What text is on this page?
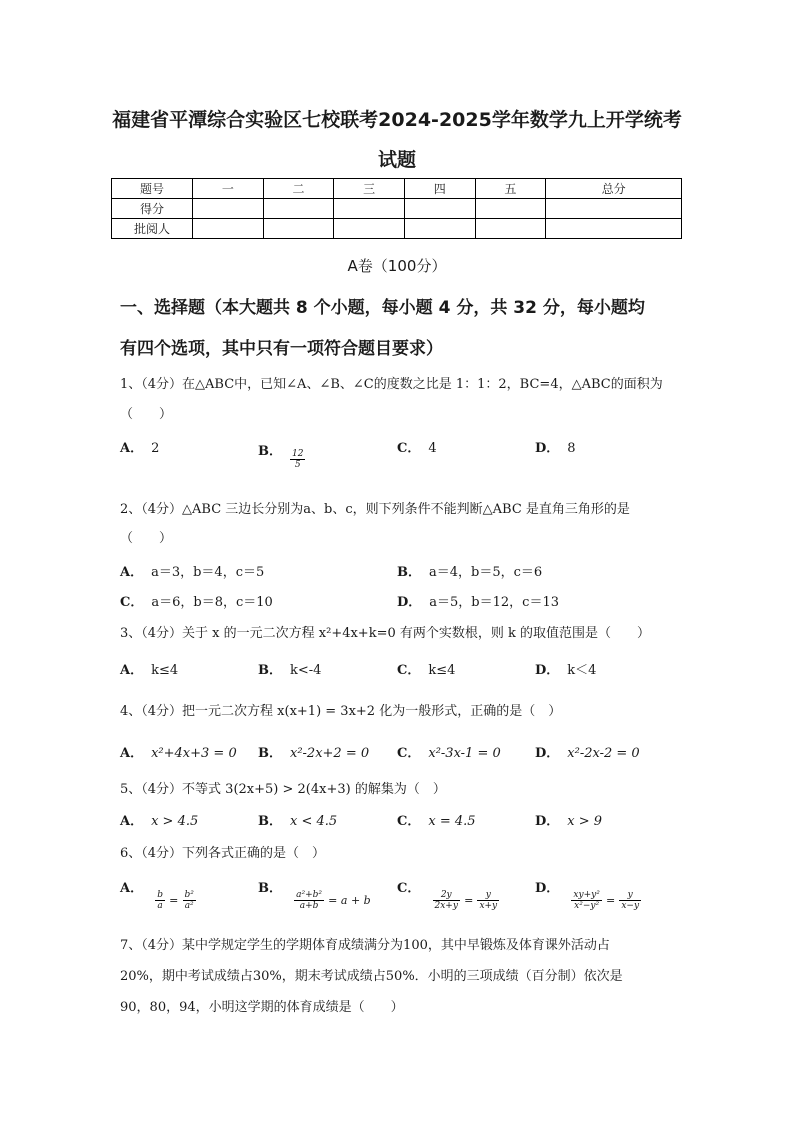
福建省平潭综合实验区七校联考2024-2025学年数学九上开学统考
试题
题号	一	二	三	四	五	总分
得分						
批阅人						
A卷（100分）
一、选择题（本大题共 8 个小题，每小题 4 分，共 32 分，每小题均
有四个选项，其中只有一项符合题目要求）
1、（4分）在△ABC中，已知∠A、∠B、∠C的度数之比是 1：1：2，BC=4，△ABC的面积为
（　　）
A． 2	B． $\frac{12}{5}$
C． 4	D． 8
2、（4分）△ABC 三边长分别为a、b、c，则下列条件不能判断△ABC 是直角三角形的是
（　　）
A． a＝3，b＝4，c＝5	B． a＝4，b＝5，c＝6
C． a＝6，b＝8，c＝10	D． a＝5，b＝12，c＝13
3、（4分）关于 x 的一元二次方程 x²+4x+k=0 有两个实数根，则 k 的取值范围是（　　）
A． k≤4	B． k<-4	C． k≤4	D． k＜4
4、（4分）把一元二次方程 x(x+1) = 3x+2 化为一般形式，正确的是（　）
A． x²+4x+3 = 0 B． x²-2x+2 = 0 C． x²-3x-1 = 0	D． x²-2x-2 = 0
5、（4分）不等式 3(2x+5) > 2(4x+3) 的解集为（　）
A． x > 4.5	B． x < 4.5	C． x = 4.5	D． x > 9
6、（4分）下列各式正确的是（　）
A．
$\frac{b}{a} _= \frac{\text{b²}}{\text{a²}}$
B．
$\frac{\text{a²+b²}}{a+b} _{= a + b}$
C．
$\frac{2y}{2x+y} _= \frac{y}{x+y}$
D．
$\frac{\text{xy+y²}}{\text{x²−y²}} _= \frac{y}{x-y}$
7、（4分）某中学规定学生的学期体育成绩满分为100，其中早锻炼及体育课外活动占
20%，期中考试成绩占30%，期末考试成绩占50%．小明的三项成绩（百分制）依次是
90，80，94，小明这学期的体育成绩是（　　）
